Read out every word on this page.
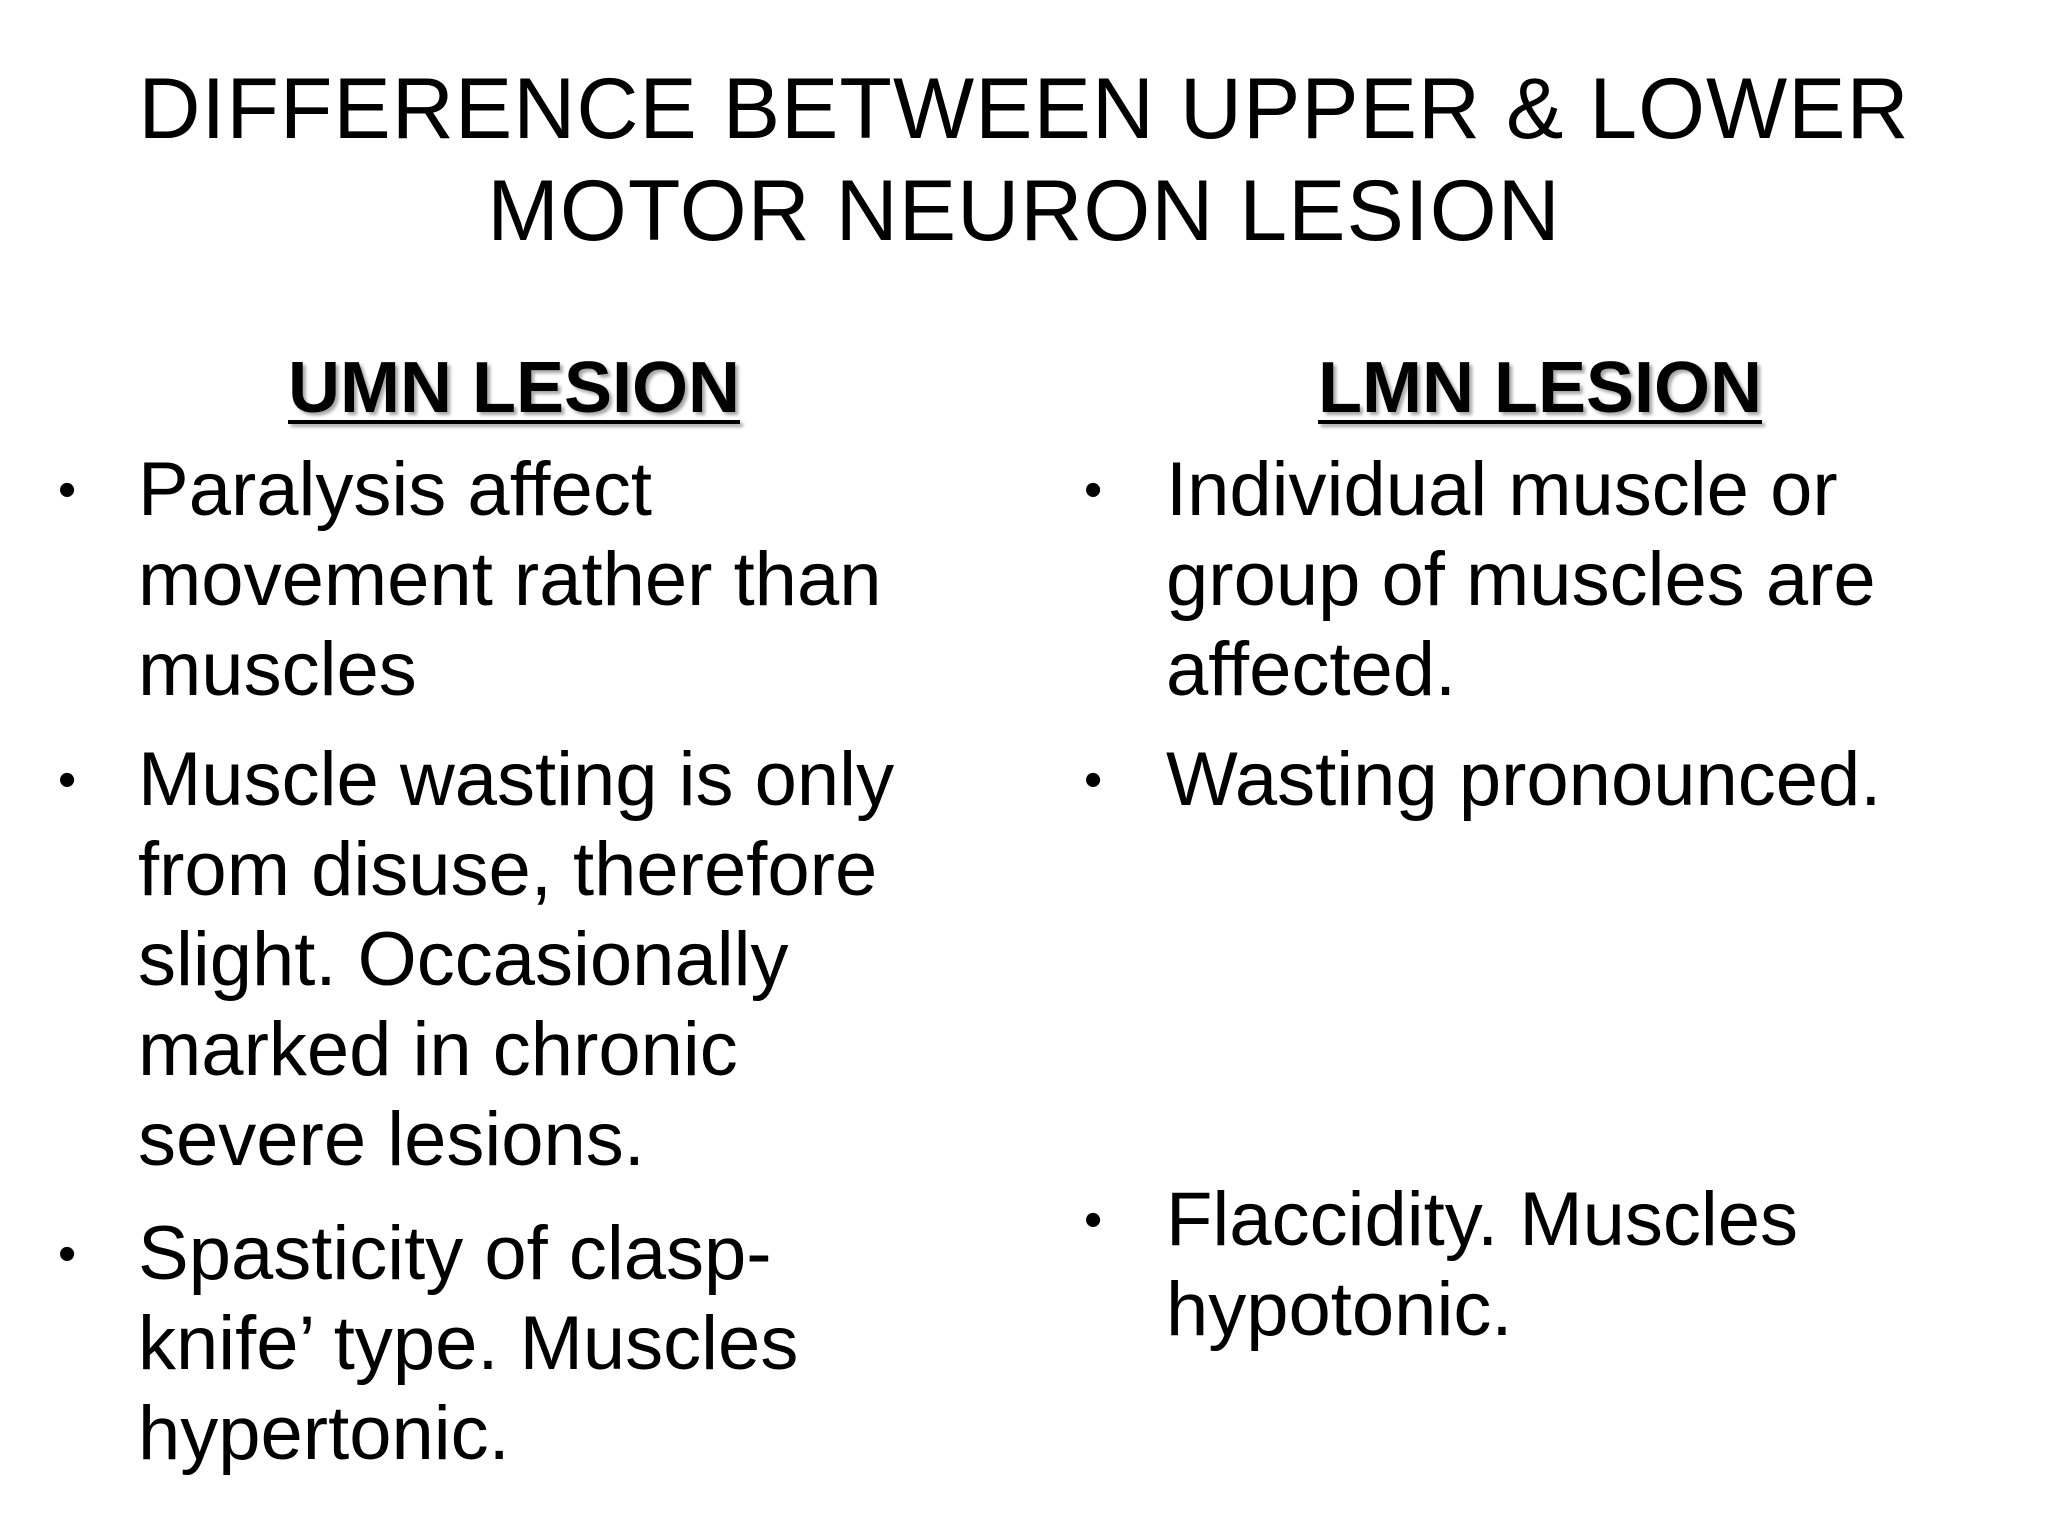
DIFFERENCE BETWEEN UPPER & LOWER
MOTOR NEURON LESION
UMN LESION
• Paralysis affect
movement rather than
muscles
• Muscle wasting is only
from disuse, therefore
slight. Occasionally
marked in chronic
severe lesions.
• Spasticity of clasp-
knife’ type. Muscles
hypertonic.
LMN LESION
• Individual muscle or
group of muscles are
affected.
• Wasting pronounced.
• Flaccidity. Muscles
hypotonic.
